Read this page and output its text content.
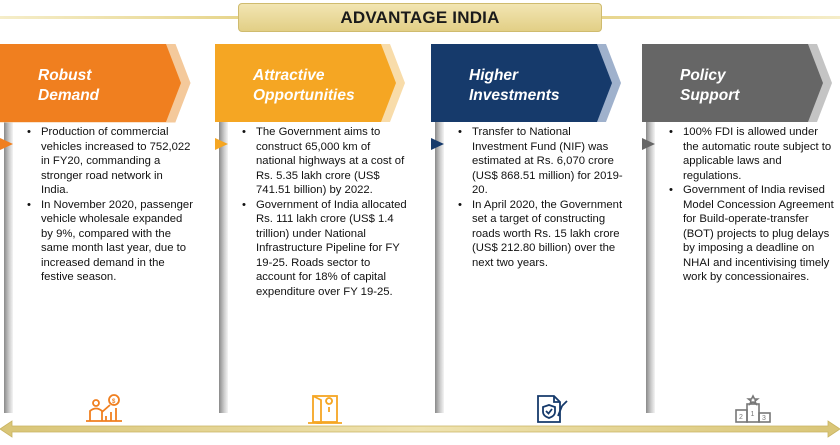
ADVANTAGE INDIA
Robust
Demand
• Production of commercial vehicles increased to 752,022 in FY20, commanding a stronger road network in India.
• In November 2020, passenger vehicle wholesale expanded by 9%, compared with the same month last year, due to increased demand in the festive season.
Attractive
Opportunities
• The Government aims to construct 65,000 km of national highways at a cost of Rs. 5.35 lakh crore (US$ 741.51 billion) by 2022.
• Government of India allocated Rs. 111 lakh crore (US$ 1.4 trillion) under National Infrastructure Pipeline for FY 19-25. Roads sector to account for 18% of capital expenditure over FY 19-25.
Higher
Investments
• Transfer to National Investment Fund (NIF) was estimated at Rs. 6,070 crore (US$ 868.51 million) for 2019-20.
• In April 2020, the Government set a target of constructing roads worth Rs. 15 lakh crore (US$ 212.80 billion) over the next two years.
Policy
Support
• 100% FDI is allowed under the automatic route subject to applicable laws and regulations.
• Government of India revised Model Concession Agreement for Build-operate-transfer (BOT) projects to plug delays by imposing a deadline on NHAI and incentivising timely work by concessionaires.
$
1
2	3
